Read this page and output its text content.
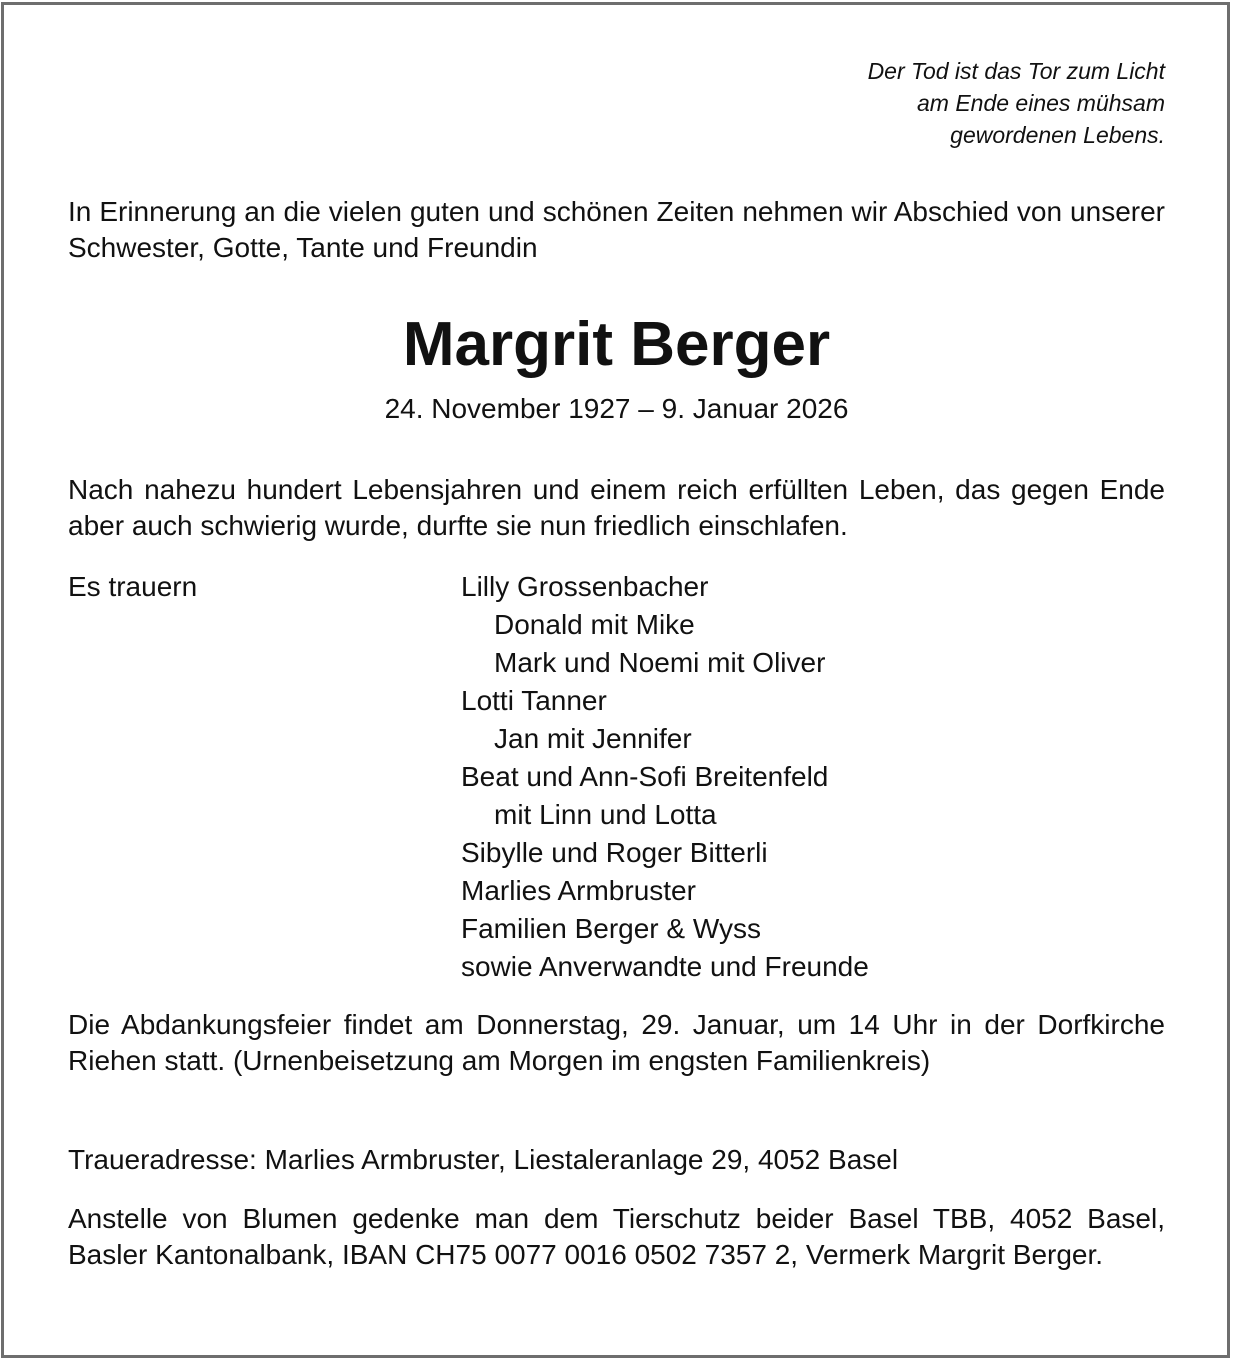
Der Tod ist das Tor zum Licht
am Ende eines mühsam
gewordenen Lebens.
In Erinnerung an die vielen guten und schönen Zeiten nehmen wir Abschied von unserer Schwester, Gotte, Tante und Freundin
Margrit Berger
24. November 1927 – 9. Januar 2026
Nach nahezu hundert Lebensjahren und einem reich erfüllten Leben, das gegen Ende aber auch schwierig wurde, durfte sie nun friedlich einschlafen.
Es trauern	Lilly Grossenbacher
Donald mit Mike
Mark und Noemi mit Oliver
Lotti Tanner
Jan mit Jennifer
Beat und Ann-Sofi Breitenfeld
mit Linn und Lotta
Sibylle und Roger Bitterli
Marlies Armbruster
Familien Berger & Wyss
sowie Anverwandte und Freunde
Die Abdankungsfeier findet am Donnerstag, 29. Januar, um 14 Uhr in der Dorfkirche Riehen statt. (Urnenbeisetzung am Morgen im engsten Familienkreis)
Traueradresse: Marlies Armbruster, Liestaleranlage 29, 4052 Basel
Anstelle von Blumen gedenke man dem Tierschutz beider Basel TBB, 4052 Basel, Basler Kantonalbank, IBAN CH75 0077 0016 0502 7357 2, Vermerk Margrit Berger.
